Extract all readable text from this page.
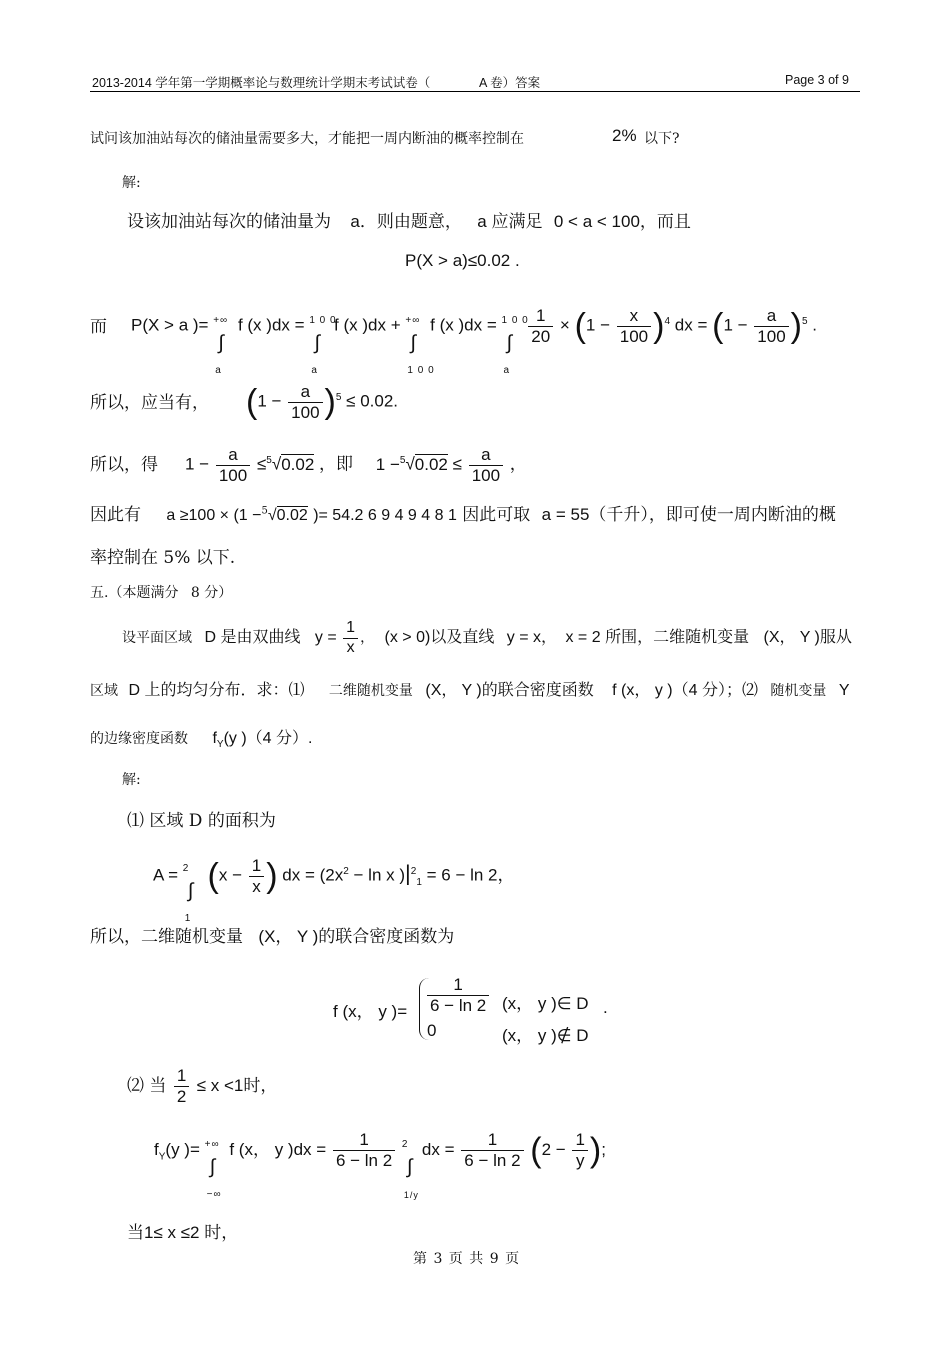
2013-2014 学年第一学期概率论与数理统计学期末考试试卷（	A 卷）答案	Page 3 of 9
试问该加油站每次的储油量需要多大，才能把一周内断油的概率控制在	2% 以下?
解:
设该加油站每次的储油量为 a．则由题意， a 应满足 0 < a < 100，而且
P(X > a)≤0.02 .
而 P(X > a )= +∞
∫
a
f (x )dx = 1 0 0
∫
a
f (x )dx + +∞
∫
1 0 0
f (x )dx = 1 0 0
∫
a

$\frac{1}{20} \times (1 - \frac{x}{100} )^4$ dx = $(1 - \frac{a}{100} )^5$ .
所以，应当有， $(1 - \frac{a}{100} )^5 \le 0.02$.
所以，得 $1 - \frac{a}{100} \le^5√0.02$ ，即 $1 -^5√0.02 \le \frac{a}{100}$ ，
因此有 a ≥100 × (1 −$^5$√0.02 )= 54.2 6 9 4 9 4 8 1 因此可取 a = 55（千升），即可使一周内断油的概
率控制在 5% 以下.
五.（本题满分 8 分）
设平面区域 D 是由双曲线 $y = \frac{1}{x}$ ， (x > 0)以及直线 y = x， x = 2 所围，二维随机变量 (X， Y )服从
区域 D 上的均匀分布．求：⑴ 二维随机变量 (X， Y )的联合密度函数 f (x， y )（4 分）；⑵ 随机变量 Y
的边缘密度函数 $f_Y(y$ )（4 分）.
解:
⑴ 区域 D 的面积为
A = 2
∫
1
($x - \frac{1}{x}$ ) dx = ($2x^2 - \ln x$ )$|^2_1 = 6 - \ln 2$，
所以，二维随机变量 (X， Y )的联合密度函数为
f (x， y )= $\frac{1}{6 - \ln 2} (x$， y )∈ D
0	(x， y )∉ D
.
⑵ 当 $\frac{1}{2} \le x <1$时，
$f_Y(y$ )= +∞
∫
−∞
f (x， y )$dx = \frac{1}{6 - \ln 2}$
2
∫
1/y
dx = $\frac{1}{6 - \ln 2} (2 - \frac{1}{y}$ );
当1≤ x ≤2 时，
第 3 页 共 9 页
